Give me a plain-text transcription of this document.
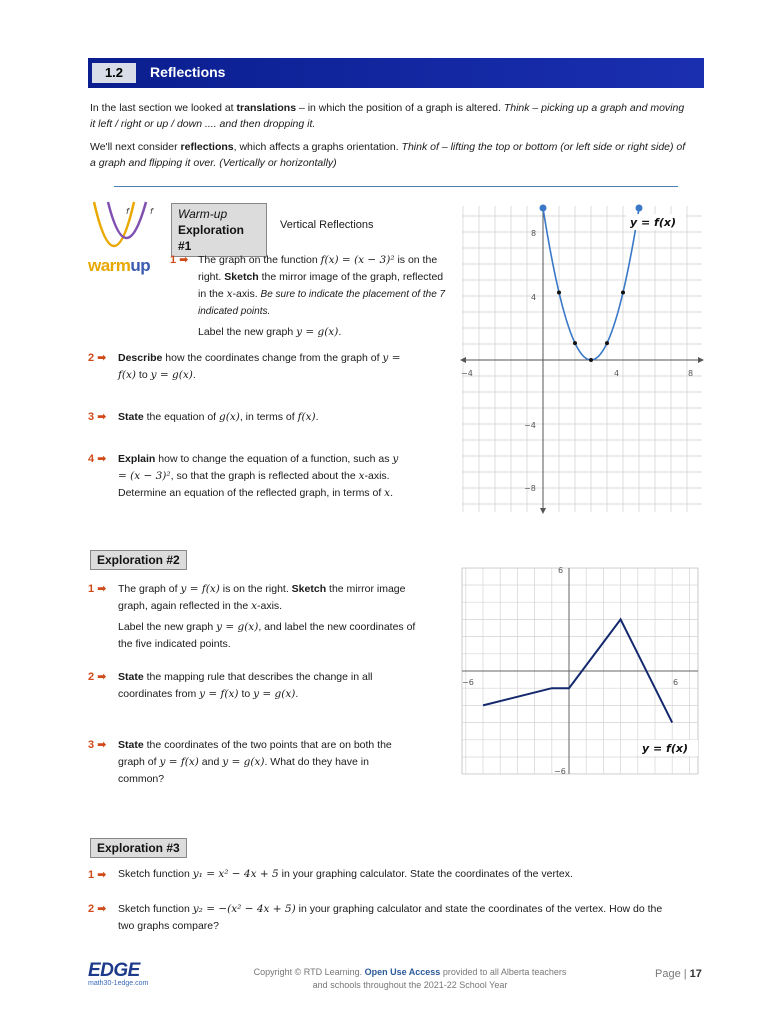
1.2	Reflections
In the last section we looked at translations – in which the position of a graph is altered. Think – picking up a graph and moving it left / right or up / down .... and then dropping it.
We'll next consider reflections, which affects a graphs orientation. Think of – lifting the top or bottom (or left side or right side) of a graph and flipping it over. (Vertically or horizontally)
f	f
warmup
Warm-up
Exploration #1
Vertical Reflections
1 ➡ The graph on the function f(x) = (x − 3)² is on the right. Sketch the mirror image of the graph, reflected in the x-axis. Be sure to indicate the placement of the 7 indicated points.
Label the new graph y = g(x).
2 ➡ Describe how the coordinates change from the graph of y = f(x) to y = g(x).
3 ➡ State the equation of g(x), in terms of f(x).
4 ➡ Explain how to change the equation of a function, such as y = (x − 3)², so that the graph is reflected about the x-axis. Determine an equation of the reflected graph, in terms of x.
−4	4	8
8
4
−4
−8
y = f(x)
Exploration #2
1 ➡ The graph of y = f(x) is on the right. Sketch the mirror image graph, again reflected in the x-axis.
Label the new graph y = g(x), and label the new coordinates of the five indicated points.
2 ➡ State the mapping rule that describes the change in all coordinates from y = f(x) to y = g(x).
3 ➡ State the coordinates of the two points that are on both the graph of y = f(x) and y = g(x). What do they have in common?
−6	6
6
−6
y = f(x)
Exploration #3
1 ➡ Sketch function y₁ = x² − 4x + 5 in your graphing calculator. State the coordinates of the vertex.
2 ➡ Sketch function y₂ = −(x² − 4x + 5) in your graphing calculator and state the coordinates of the vertex. How do the two graphs compare?
EDGE
math30-1edge.com
Copyright © RTD Learning. Open Use Access provided to all Alberta teachers
and schools throughout the 2021-22 School Year
Page | 17
